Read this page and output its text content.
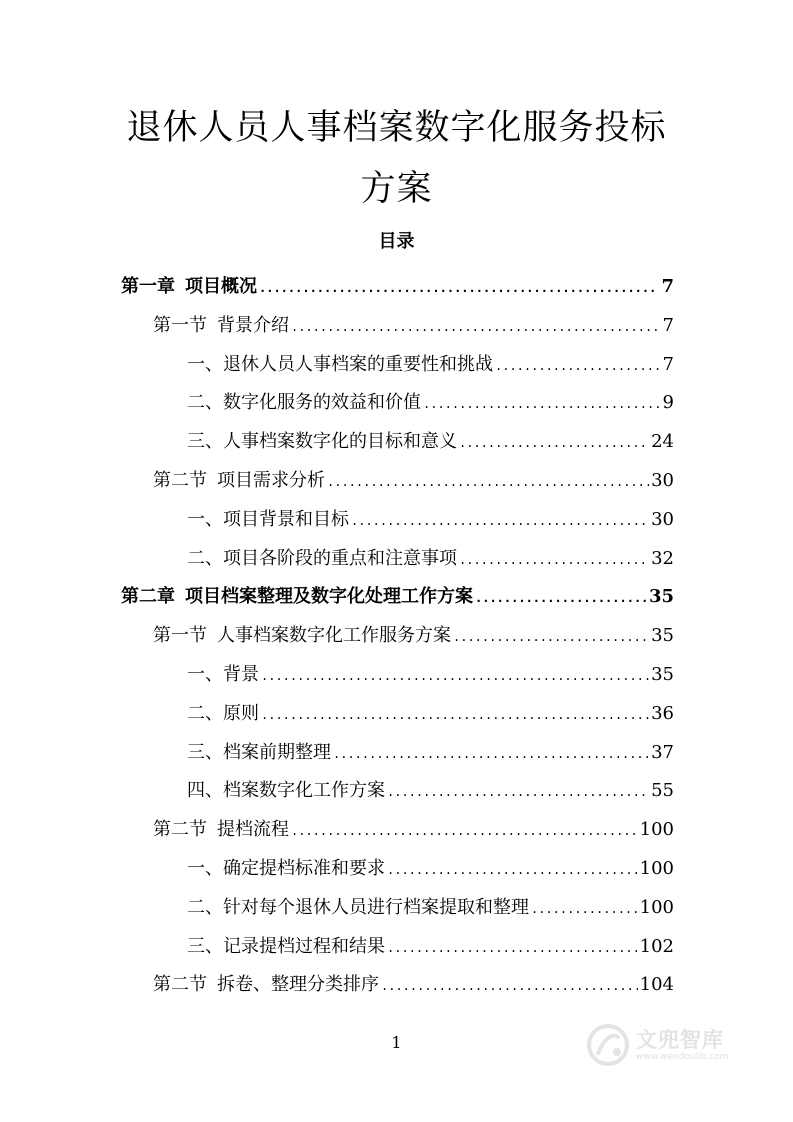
退休人员人事档案数字化服务投标
方案
目录
第一章 项目概况 .....	7
第一节 背景介绍 .....	7
一、退休人员人事档案的重要性和挑战 .....	7
二、数字化服务的效益和价值 .....	9
三、人事档案数字化的目标和意义 .....	24
第二节 项目需求分析 .....	30
一、项目背景和目标 .....	30
二、项目各阶段的重点和注意事项 .....	32
第二章 项目档案整理及数字化处理工作方案 .....	35
第一节 人事档案数字化工作服务方案 .....	35
一、背景 .....	35
二、原则 .....	36
三、档案前期整理 .....	37
四、档案数字化工作方案 .....	55
第二节 提档流程 .....	100
一、确定提档标准和要求 .....	100
二、针对每个退休人员进行档案提取和整理 .....	100
三、记录提档过程和结果 .....	102
第二节 拆卷、整理分类排序 .....	104
1	文兜智库
www.wendoulib.com
